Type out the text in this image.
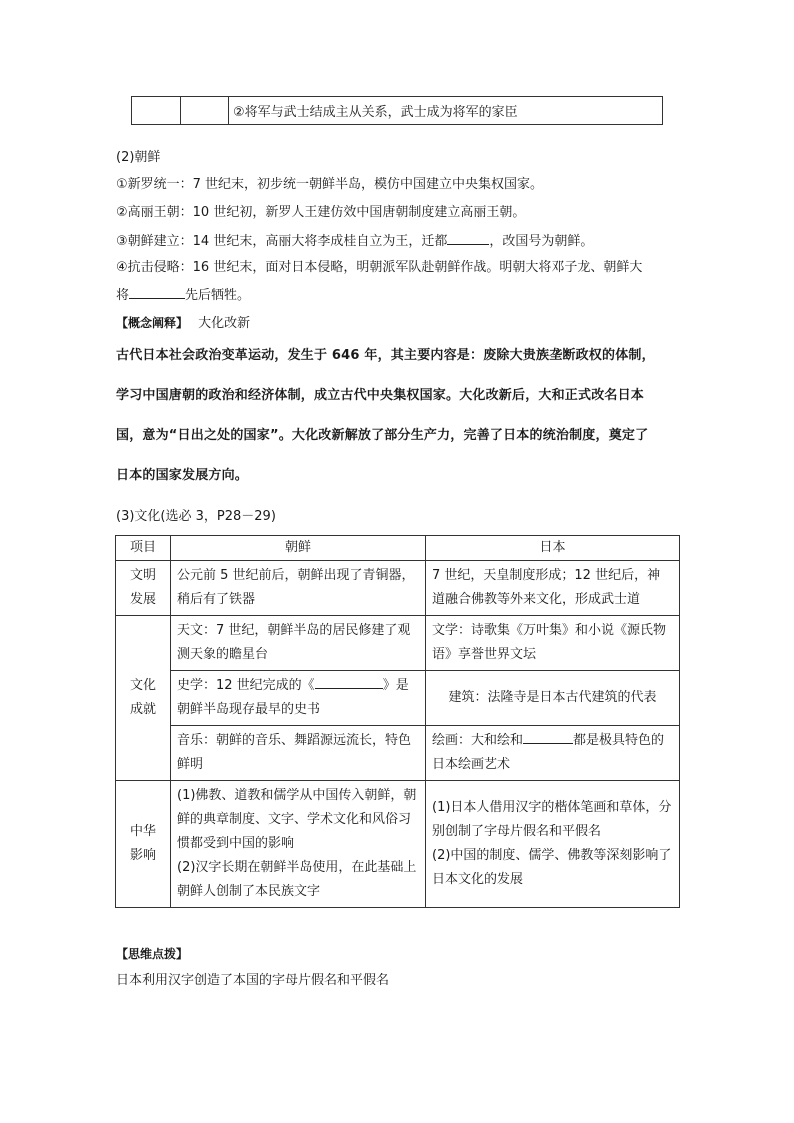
		②将军与武士结成主从关系，武士成为将军的家臣
(2)朝鲜
①新罗统一：7 世纪末，初步统一朝鲜半岛，模仿中国建立中央集权国家。
②高丽王朝：10 世纪初，新罗人王建仿效中国唐朝制度建立高丽王朝。
③朝鲜建立：14 世纪末，高丽大将李成桂自立为王，迁都	，改国号为朝鲜。
④抗击侵略：16 世纪末，面对日本侵略，明朝派军队赴朝鲜作战。明朝大将邓子龙、朝鲜大
将	先后牺牲。
【概念阐释】 大化改新
古代日本社会政治变革运动，发生于 646 年，其主要内容是：废除大贵族垄断政权的体制，
学习中国唐朝的政治和经济体制，成立古代中央集权国家。大化改新后，大和正式改名日本
国，意为“日出之处的国家”。大化改新解放了部分生产力，完善了日本的统治制度，奠定了
日本的国家发展方向。
(3)文化(选必 3，P28－29)
项目	朝鲜	日本

文明
发展	公元前 5 世纪前后，朝鲜出现了青铜器，稍后有了铁器	7 世纪，天皇制度形成；12 世纪后，神道融合佛教等外来文化，形成武士道

文化
成就	天文：7 世纪，朝鲜半岛的居民修建了观测天象的瞻星台	文学：诗歌集《万叶集》和小说《源氏物语》享誉世界文坛
	史学：12 世纪完成的《 》是朝鲜半岛现存最早的史书	建筑：法隆寺是日本古代建筑的代表
	音乐：朝鲜的音乐、舞蹈源远流长，特色鲜明	绘画：大和绘和 都是极具特色的日本绘画艺术

中华
影响	(1)佛教、道教和儒学从中国传入朝鲜，朝鲜的典章制度、文字、学术文化和风俗习惯都受到中国的影响
(2)汉字长期在朝鲜半岛使用，在此基础上朝鲜人创制了本民族文字	(1)日本人借用汉字的楷体笔画和草体，分别创制了字母片假名和平假名
(2)中国的制度、儒学、佛教等深刻影响了日本文化的发展
【思维点拨】
日本利用汉字创造了本国的字母片假名和平假名
